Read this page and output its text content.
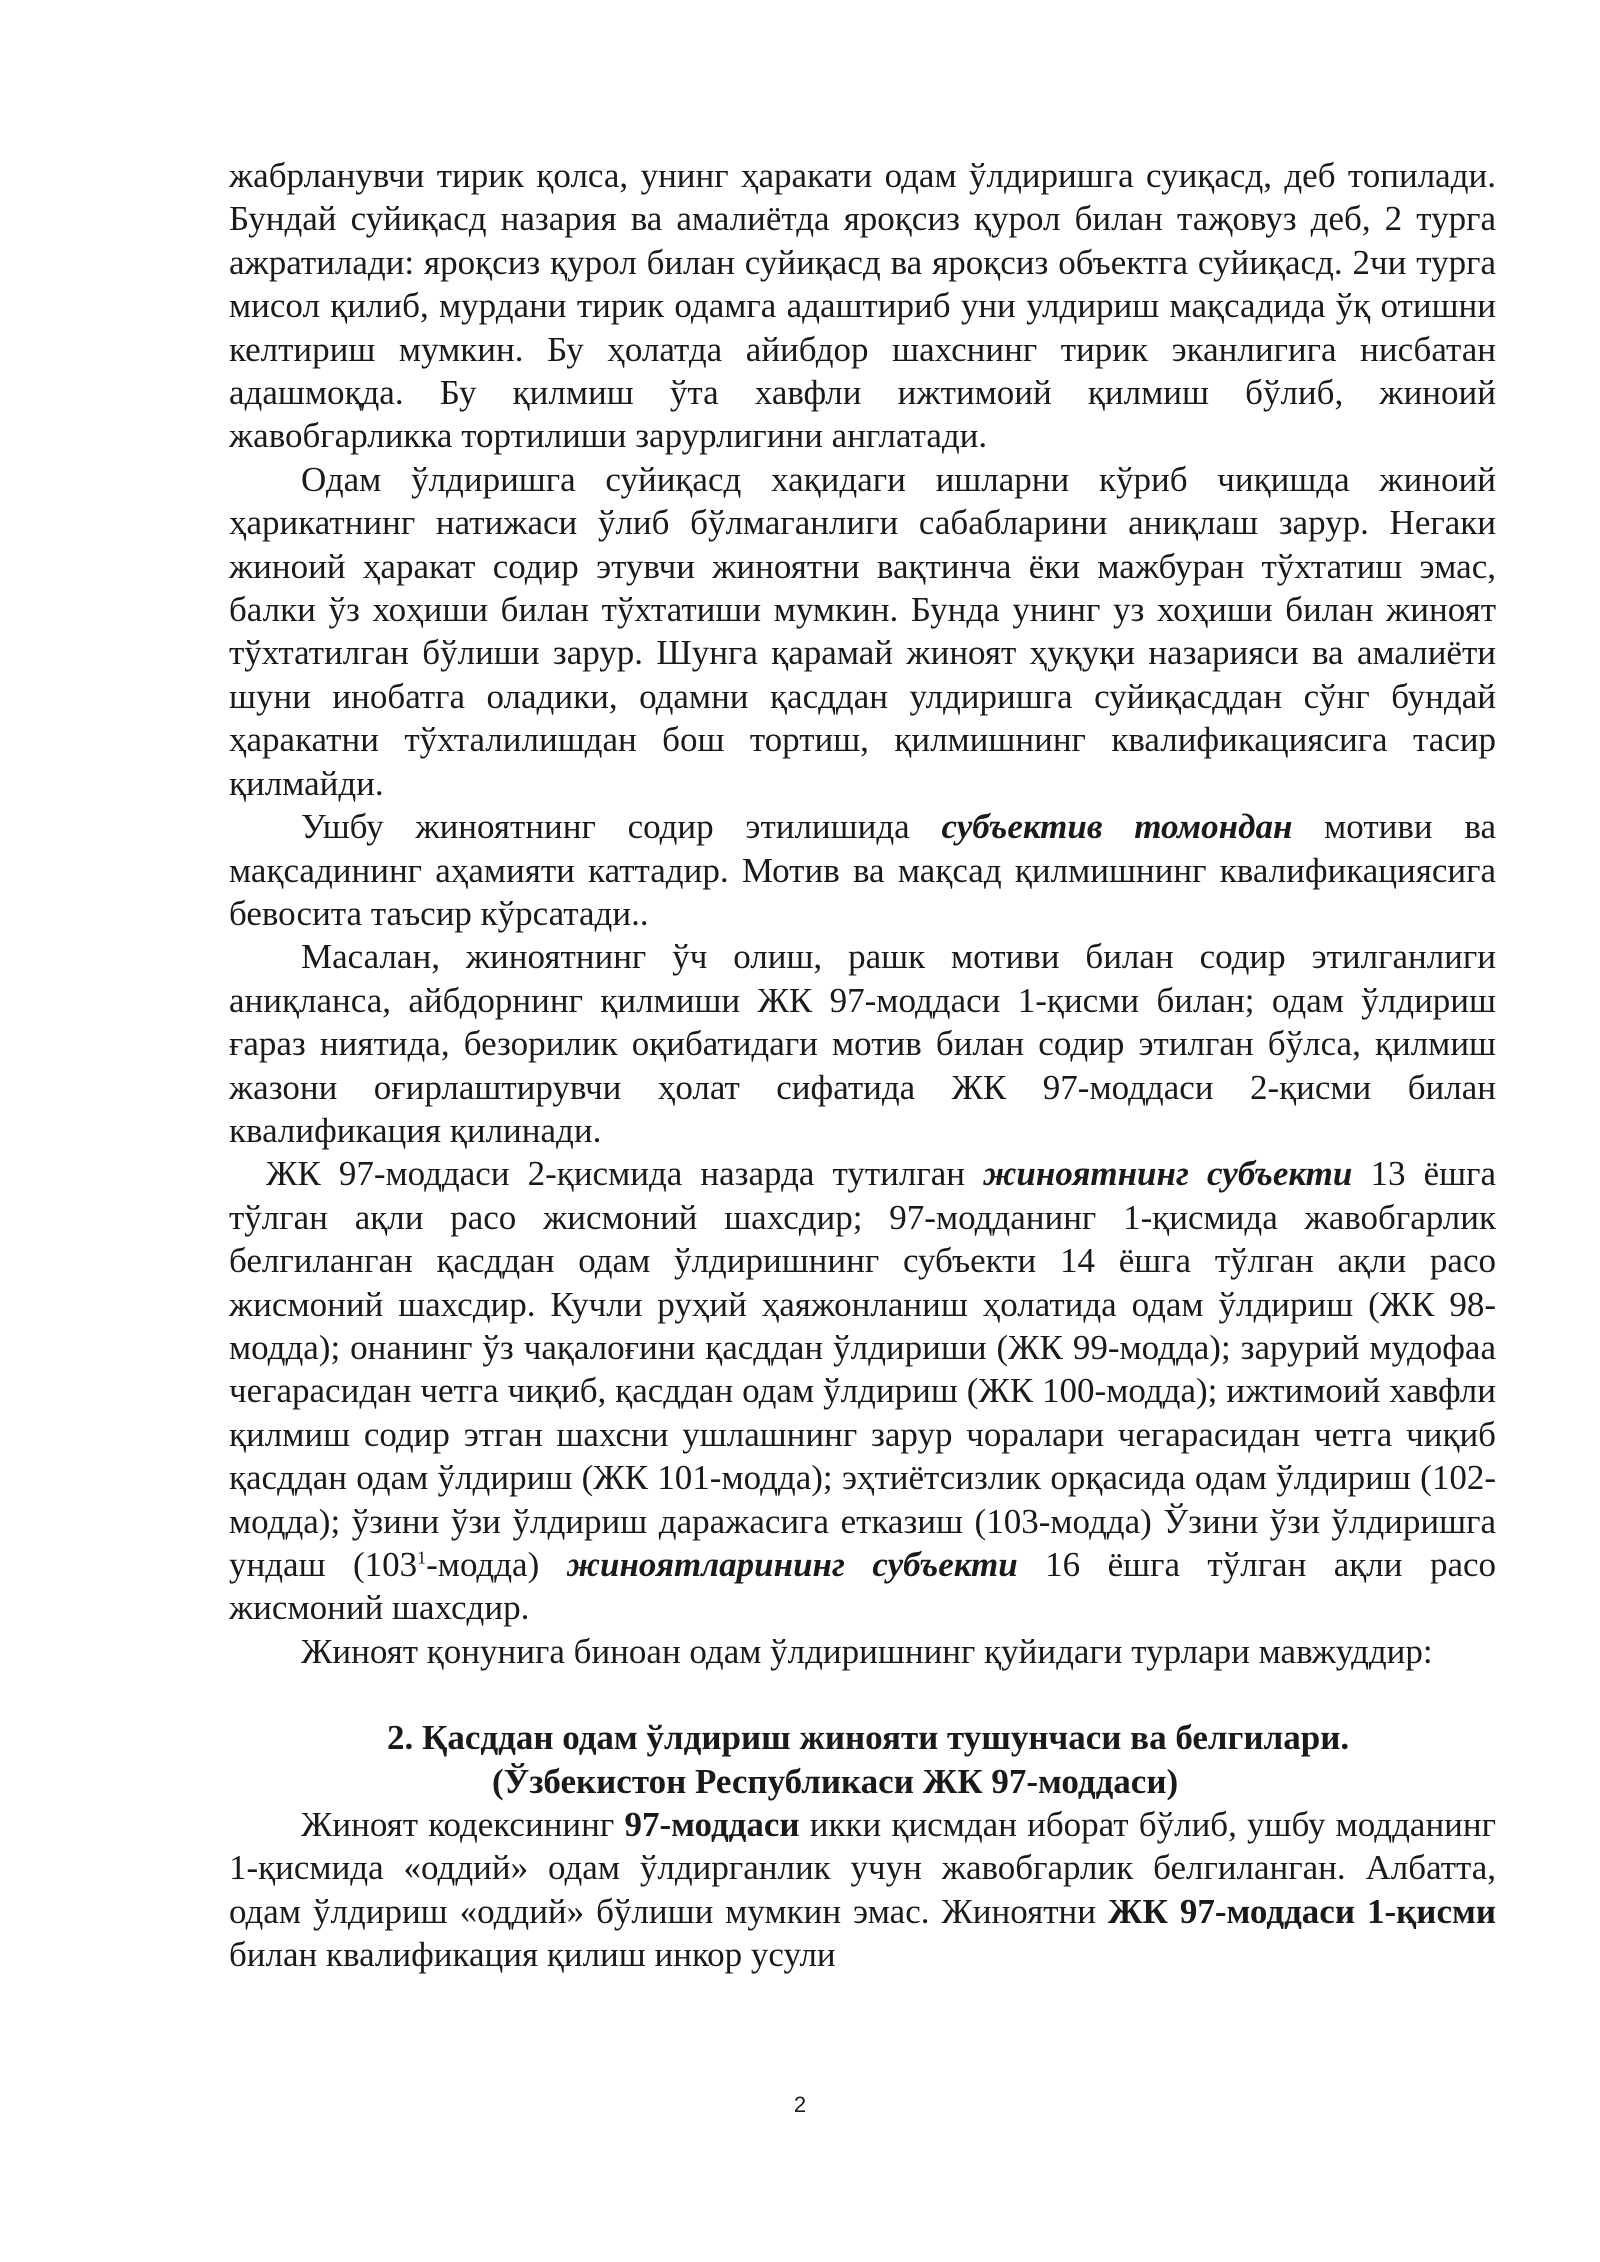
жабрланувчи тирик қолса, унинг ҳаракати одам ўлдиришга суиқасд, деб топилади. Бундай суйиқасд назария ва амалиётда яроқсиз қурол билан таҗовуз деб, 2 турга ажратилади: яроқсиз қурол билан суйиқасд ва яроқсиз объектга суйиқасд. 2чи турга мисол қилиб, мурдани тирик одамга адаштириб уни улдириш мақсадида ўқ отишни келтириш мумкин. Бу ҳолатда айибдор шахснинг тирик эканлигига нисбатан адашмоқда. Бу қилмиш ўта хавфли ижтимоий қилмиш бўлиб, жиноий жавобгарликка тортилиши зарурлигини англатади.

Одам ўлдиришга суйиқасд хақидаги ишларни кўриб чиқишда жиноий ҳарикатнинг натижаси ўлиб бўлмаганлиги сабабларини аниқлаш зарур. Негаки жиноий ҳаракат содир этувчи жиноятни вақтинча ёки мажбуран тўхтатиш эмас, балки ўз хоҳиши билан тўхтатиши мумкин. Бунда унинг уз хоҳиши билан жиноят тўхтатилган бўлиши зарур. Шунга қарамай жиноят ҳуқуқи назарияси ва амалиёти шуни инобатга оладики, одамни қасддан улдиришга суйиқасддан сўнг бундай ҳаракатни тўхталилишдан бош тортиш, қилмишнинг квалификациясига тасир қилмайди.

Ушбу жиноятнинг содир этилишида субъектив томондан мотиви ва мақсадининг аҳамияти каттадир. Мотив ва мақсад қилмишнинг квалификациясига бевосита таъсир кўрсатади..

Масалан, жиноятнинг ўч олиш, рашк мотиви билан содир этилганлиги аниқланса, айбдорнинг қилмиши ЖК 97-моддаси 1-қисми билан; одам ўлдириш ғараз ниятида, безорилик оқибатидаги мотив билан содир этилган бўлса, қилмиш жазони оғирлаштирувчи ҳолат сифатида ЖК 97-моддаси 2-қисми билан квалификация қилинади.

ЖК 97-моддаси 2-қисмида назарда тутилган жиноятнинг субъекти 13 ёшга тўлган ақли расо жисмоний шахсдир; 97-модданинг 1-қисмида жавобгарлик белгиланган қасддан одам ўлдиришнинг субъекти 14 ёшга тўлган ақли расо жисмоний шахсдир. Кучли руҳий ҳаяжонланиш ҳолатида одам ўлдириш (ЖК 98-модда); онанинг ўз чақалоғини қасддан ўлдириши (ЖК 99-модда); зарурий мудофаа чегарасидан четга чиқиб, қасддан одам ўлдириш (ЖК 100-модда); ижтимоий хавфли қилмиш содир этган шахсни ушлашнинг зарур чоралари чегарасидан четга чиқиб қасддан одам ўлдириш (ЖК 101-модда); эҳтиётсизлик орқасида одам ўлдириш (102-модда); ўзини ўзи ўлдириш даражасига етказиш (103-модда) Ўзини ўзи ўлдиришга ундаш $(103^1-модда)$ жиноятларининг субъекти 16 ёшга тўлган ақли расо жисмоний шахсдир.

Жиноят қонунига биноан одам ўлдиришнинг қуйидаги турлари мавжуддир:

2. Қасддан одам ўлдириш жинояти тушунчаси ва белгилари.

(Ўзбекистон Республикаси ЖК 97-моддаси)

Жиноят кодексининг 97-моддаси икки қисмдан иборат бўлиб, ушбу модданинг 1-қисмида «оддий» одам ўлдирганлик учун жавобгарлик белгиланган. Албатта, одам ўлдириш «оддий» бўлиши мумкин эмас. Жиноятни ЖК 97-моддаси 1-қисми билан квалификация қилиш инкор усули

2
